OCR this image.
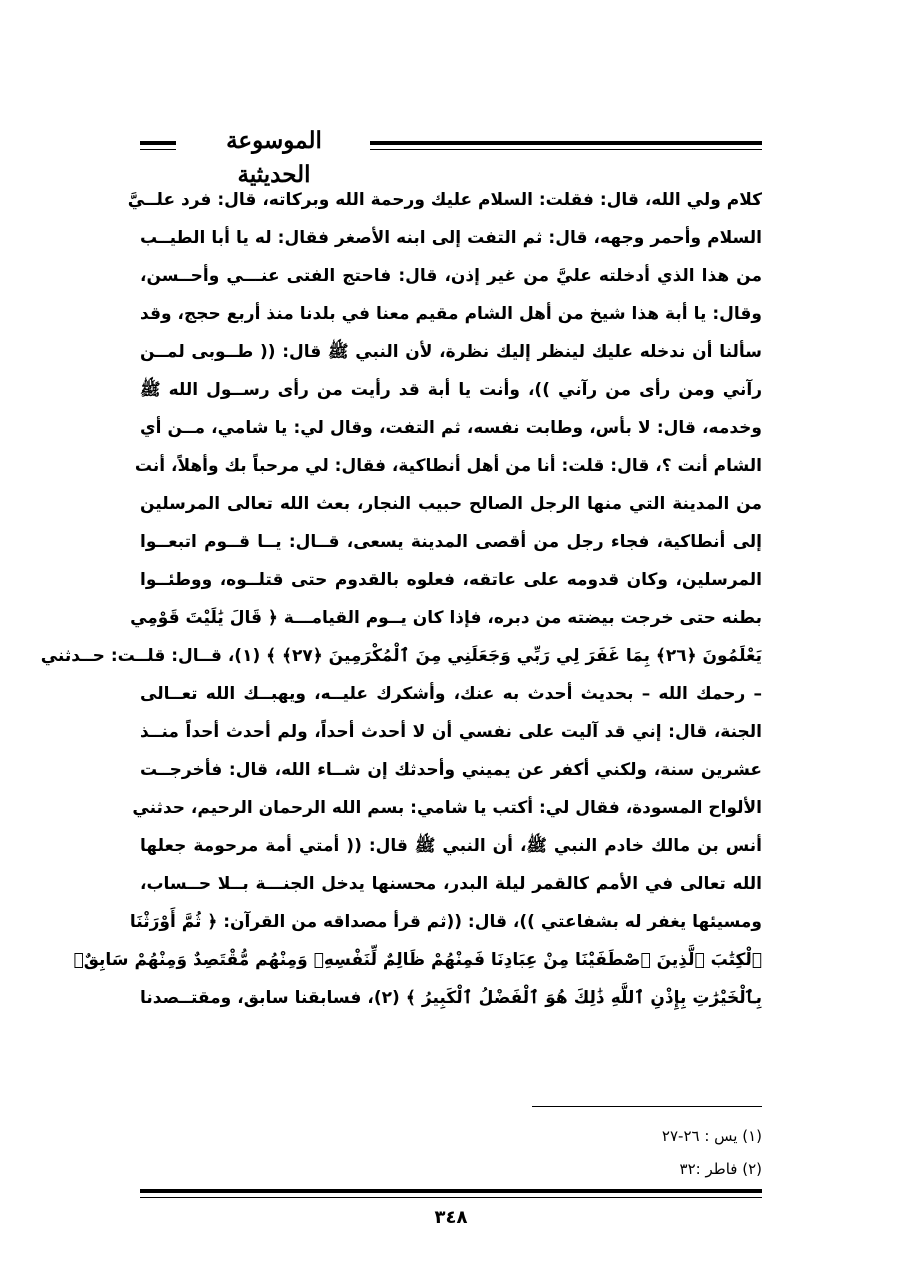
الموسوعة الحديثية
كلام ولي الله، قال: فقلت: السلام عليك ورحمة الله وبركاته، قال: فرد علــيَّ
السلام وأحمر وجهه، قال: ثم التفت إلى ابنه الأصغر فقال: له يا أبا الطيــب
من هذا الذي أدخلته عليَّ من غير إذن، قال: فاحتج الفتى عنـــي وأحــسن،
وقال: يا أبة هذا شيخ من أهل الشام مقيم معنا في بلدنا منذ أربع حجج، وقد
سألنا أن ندخله عليك لينظر إليك نظرة، لأن النبي ﷺ قال: (( طــوبى لمــن
رآني ومن رأى من رآني ))، وأنت يا أبة قد رأيت من رأى رســول الله ﷺ
وخدمه، قال: لا بأس، وطابت نفسه، ثم التفت، وقال لي: يا شامي، مــن أي
الشام أنت ؟، قال: قلت: أنا من أهل أنطاكية، فقال: لي مرحباً بك وأهلاً، أنت
من المدينة التي منها الرجل الصالح حبيب النجار، بعث الله تعالى المرسلين
إلى أنطاكية، فجاء رجل من أقصى المدينة يسعى، قــال: يــا قــوم اتبعــوا
المرسلين، وكان قدومه على عاتقه، فعلوه بالقدوم حتى قتلــوه، ووطئــوا
بطنه حتى خرجت بيضته من دبره، فإذا كان يــوم القيامـــة ﴿ قَالَ يَٰلَيْتَ قَوْمِي
يَعْلَمُونَ ﴿٢٦﴾ بِمَا غَفَرَ لِي رَبِّي وَجَعَلَنِي مِنَ ٱلْمُكْرَمِينَ ﴿٢٧﴾ ﴾ (١)، قــال: قلــت: حــدثني
– رحمك الله – بحديث أحدث به عنك، وأشكرك عليــه، ويهبــك الله تعــالى
الجنة، قال: إني قد آليت على نفسي أن لا أحدث أحداً، ولم أحدث أحداً منــذ
عشرين سنة، ولكني أكفر عن يميني وأحدثك إن شــاء الله، قال: فأخرجــت
الألواح المسودة، فقال لي: أكتب يا شامي: بسم الله الرحمان الرحيم، حدثني
أنس بن مالك خادم النبي ﷺ، أن النبي ﷺ قال: (( أمتي أمة مرحومة جعلها
الله تعالى في الأمم كالقمر ليلة البدر، محسنها يدخل الجنـــة بــلا حــساب،
ومسيئها يغفر له بشفاعتي ))، قال: ((ثم قرأ مصداقه من القرآن: ﴿ ثُمَّ أَوْرَثْنَا
ٱلْكِتَٰبَ ٱلَّذِينَ ٱصْطَفَيْنَا مِنْ عِبَادِنَا فَمِنْهُمْ ظَالِمٌ لِّنَفْسِهِۦ وَمِنْهُم مُّقْتَصِدٌ وَمِنْهُمْ سَابِقٌۢ
بِٱلْخَيْرَٰتِ بِإِذْنِ ٱللَّهِ ذَٰلِكَ هُوَ ٱلْفَضْلُ ٱلْكَبِيرُ ﴾ (٢)، فسابقنا سابق، ومقتــصدنا
(١) يس : ٢٦-٢٧
(٢) فاطر :٣٢
٣٤٨
